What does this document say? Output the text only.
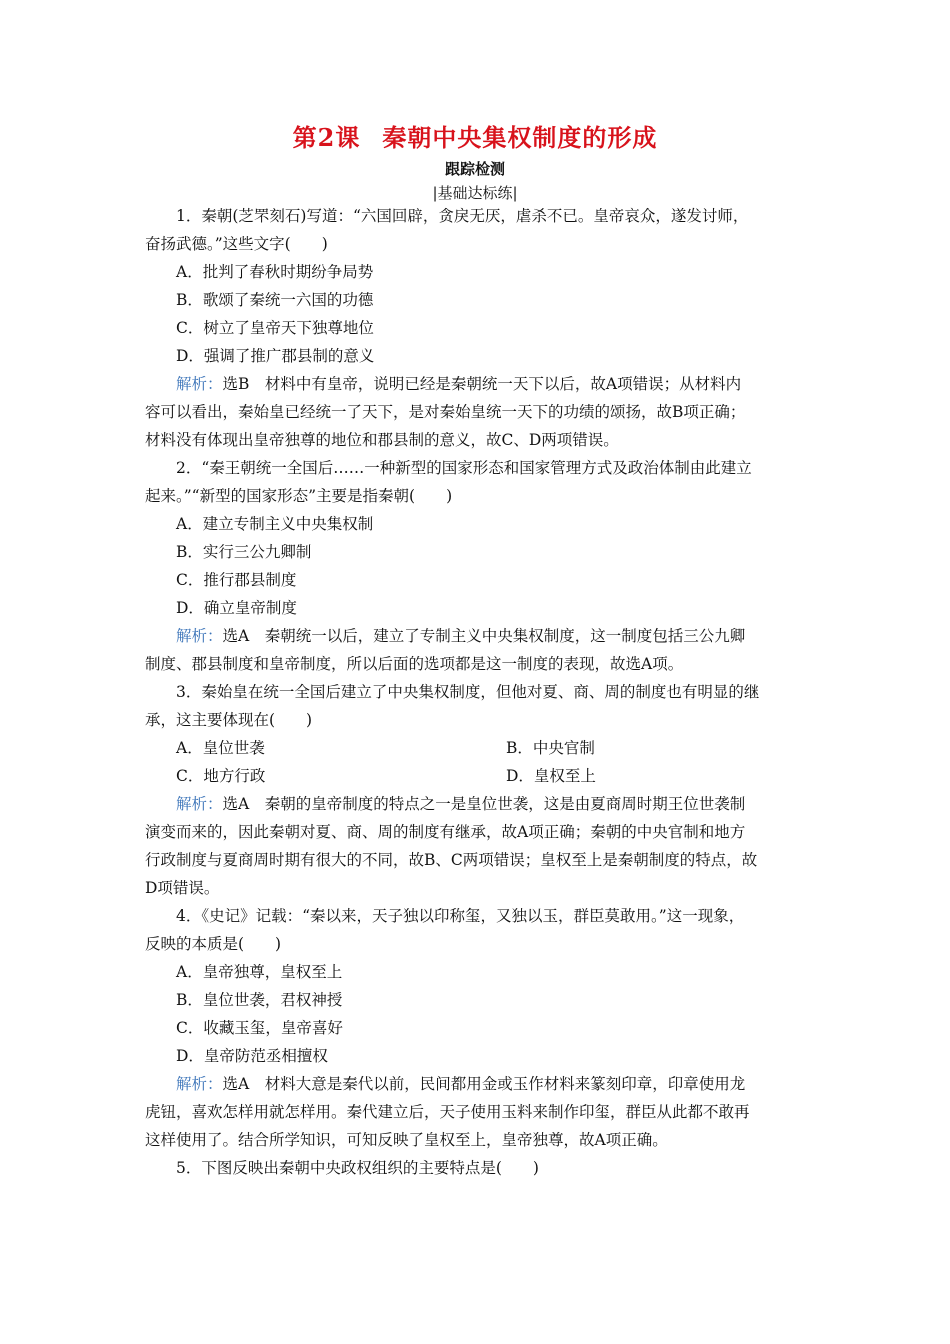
第2课 秦朝中央集权制度的形成
跟踪检测
|基础达标练|
1．秦朝(芝罘刻石)写道：“六国回辟，贪戾无厌，虐杀不已。皇帝哀众，遂发讨师，
奋扬武德。”这些文字(　　)
A．批判了春秋时期纷争局势
B．歌颂了秦统一六国的功德
C．树立了皇帝天下独尊地位
D．强调了推广郡县制的意义
解析：选B　材料中有皇帝，说明已经是秦朝统一天下以后，故A项错误；从材料内
容可以看出，秦始皇已经统一了天下，是对秦始皇统一天下的功绩的颂扬，故B项正确；
材料没有体现出皇帝独尊的地位和郡县制的意义，故C、D两项错误。
2．“秦王朝统一全国后……一种新型的国家形态和国家管理方式及政治体制由此建立
起来。”“新型的国家形态”主要是指秦朝(　　)
A．建立专制主义中央集权制
B．实行三公九卿制
C．推行郡县制度
D．确立皇帝制度
解析：选A　秦朝统一以后，建立了专制主义中央集权制度，这一制度包括三公九卿
制度、郡县制度和皇帝制度，所以后面的选项都是这一制度的表现，故选A项。
3．秦始皇在统一全国后建立了中央集权制度，但他对夏、商、周的制度也有明显的继
承，这主要体现在(　　)
A．皇位世袭	B．中央官制
C．地方行政	D．皇权至上
解析：选A　秦朝的皇帝制度的特点之一是皇位世袭，这是由夏商周时期王位世袭制
演变而来的，因此秦朝对夏、商、周的制度有继承，故A项正确；秦朝的中央官制和地方
行政制度与夏商周时期有很大的不同，故B、C两项错误；皇权至上是秦朝制度的特点，故
D项错误。
4．《史记》记载：“秦以来，天子独以印称玺，又独以玉，群臣莫敢用。”这一现象，
反映的本质是(　　)
A．皇帝独尊，皇权至上
B．皇位世袭，君权神授
C．收藏玉玺，皇帝喜好
D．皇帝防范丞相擅权
解析：选A　材料大意是秦代以前，民间都用金或玉作材料来篆刻印章，印章使用龙
虎钮，喜欢怎样用就怎样用。秦代建立后，天子使用玉料来制作印玺，群臣从此都不敢再
这样使用了。结合所学知识，可知反映了皇权至上，皇帝独尊，故A项正确。
5．下图反映出秦朝中央政权组织的主要特点是(　　)
